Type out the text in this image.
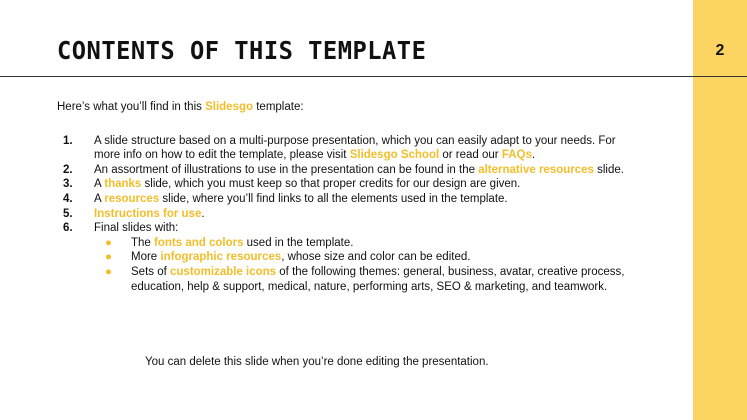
2
CONTENTS OF THIS TEMPLATE

Here’s what you’ll find in this Slidesgo template:

1. A slide structure based on a multi-purpose presentation, which you can easily adapt to your needs. For more info on how to edit the template, please visit Slidesgo School or read our FAQs.
2. An assortment of illustrations to use in the presentation can be found in the alternative resources slide.
3. A thanks slide, which you must keep so that proper credits for our design are given.
4. A resources slide, where you’ll find links to all the elements used in the template.
5. Instructions for use.
6. Final slides with:
● The fonts and colors used in the template.
● More infographic resources, whose size and color can be edited.
● Sets of customizable icons of the following themes: general, business, avatar, creative process, education, help & support, medical, nature, performing arts, SEO & marketing, and teamwork.
You can delete this slide when you’re done editing the presentation.
